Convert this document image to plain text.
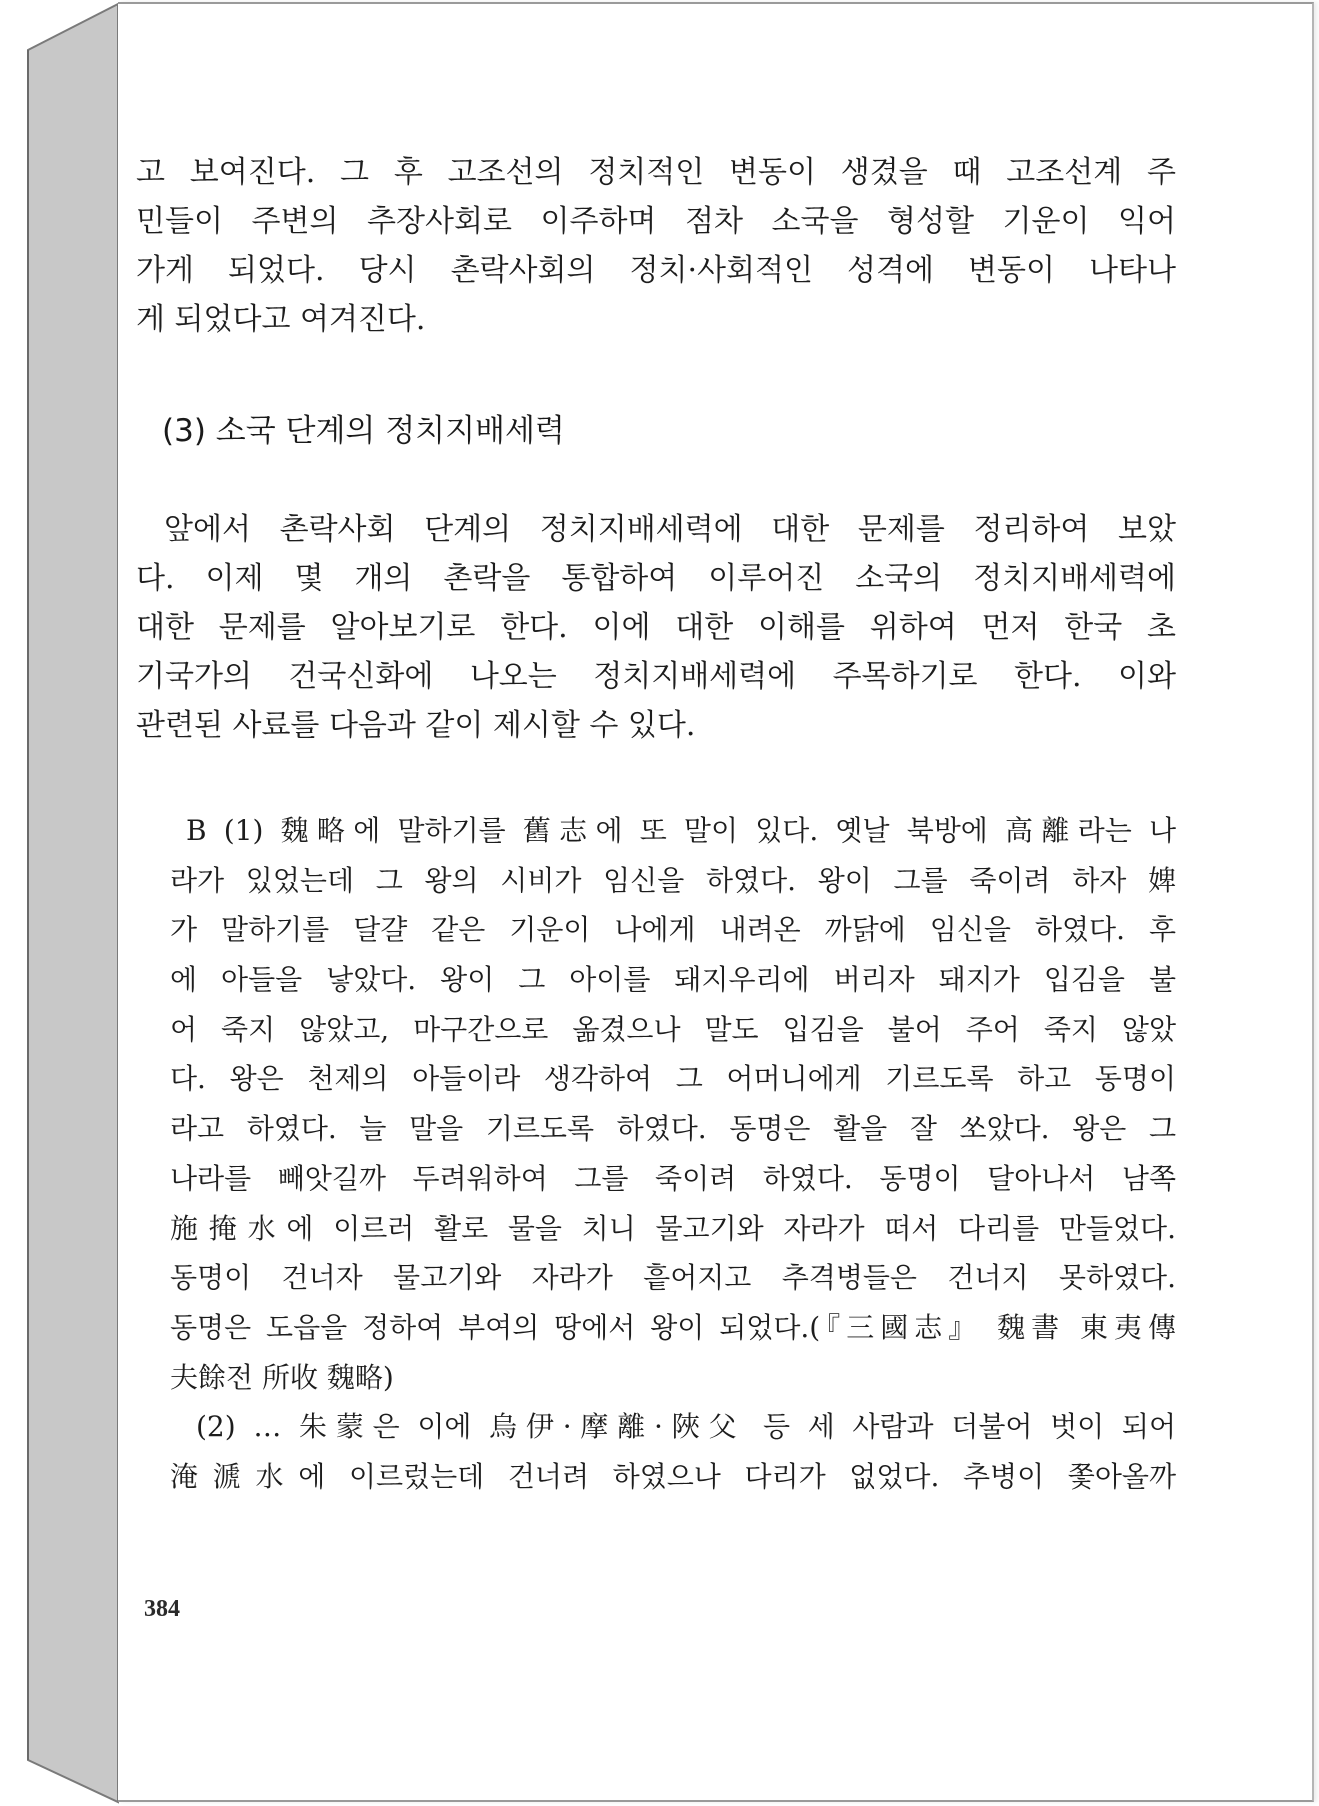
고 보여진다. 그 후 고조선의 정치적인 변동이 생겼을 때 고조선계 주
민들이 주변의 추장사회로 이주하며 점차 소국을 형성할 기운이 익어
가게 되었다. 당시 촌락사회의 정치·사회적인 성격에 변동이 나타나
게 되었다고 여겨진다.
(3) 소국 단계의 정치지배세력
앞에서 촌락사회 단계의 정치지배세력에 대한 문제를 정리하여 보았
다. 이제 몇 개의 촌락을 통합하여 이루어진 소국의 정치지배세력에
대한 문제를 알아보기로 한다. 이에 대한 이해를 위하여 먼저 한국 초
기국가의 건국신화에 나오는 정치지배세력에 주목하기로 한다. 이와
관련된 사료를 다음과 같이 제시할 수 있다.
B (1) 魏略에 말하기를 舊志에 또 말이 있다. 옛날 북방에 高離라는 나
라가 있었는데 그 왕의 시비가 임신을 하였다. 왕이 그를 죽이려 하자 婢
가 말하기를 달걀 같은 기운이 나에게 내려온 까닭에 임신을 하였다. 후
에 아들을 낳았다. 왕이 그 아이를 돼지우리에 버리자 돼지가 입김을 불
어 죽지 않았고, 마구간으로 옮겼으나 말도 입김을 불어 주어 죽지 않았
다. 왕은 천제의 아들이라 생각하여 그 어머니에게 기르도록 하고 동명이
라고 하였다. 늘 말을 기르도록 하였다. 동명은 활을 잘 쏘았다. 왕은 그
나라를 빼앗길까 두려워하여 그를 죽이려 하였다. 동명이 달아나서 남쪽
施掩水에 이르러 활로 물을 치니 물고기와 자라가 떠서 다리를 만들었다.
동명이 건너자 물고기와 자라가 흩어지고 추격병들은 건너지 못하였다.
동명은 도읍을 정하여 부여의 땅에서 왕이 되었다.(『三國志』 魏書 東夷傳
夫餘전 所收 魏略)
(2) … 朱蒙은 이에 烏伊·摩離·陜父 등 세 사람과 더불어 벗이 되어
淹㴲水에 이르렀는데 건너려 하였으나 다리가 없었다. 추병이 쫓아올까
384
